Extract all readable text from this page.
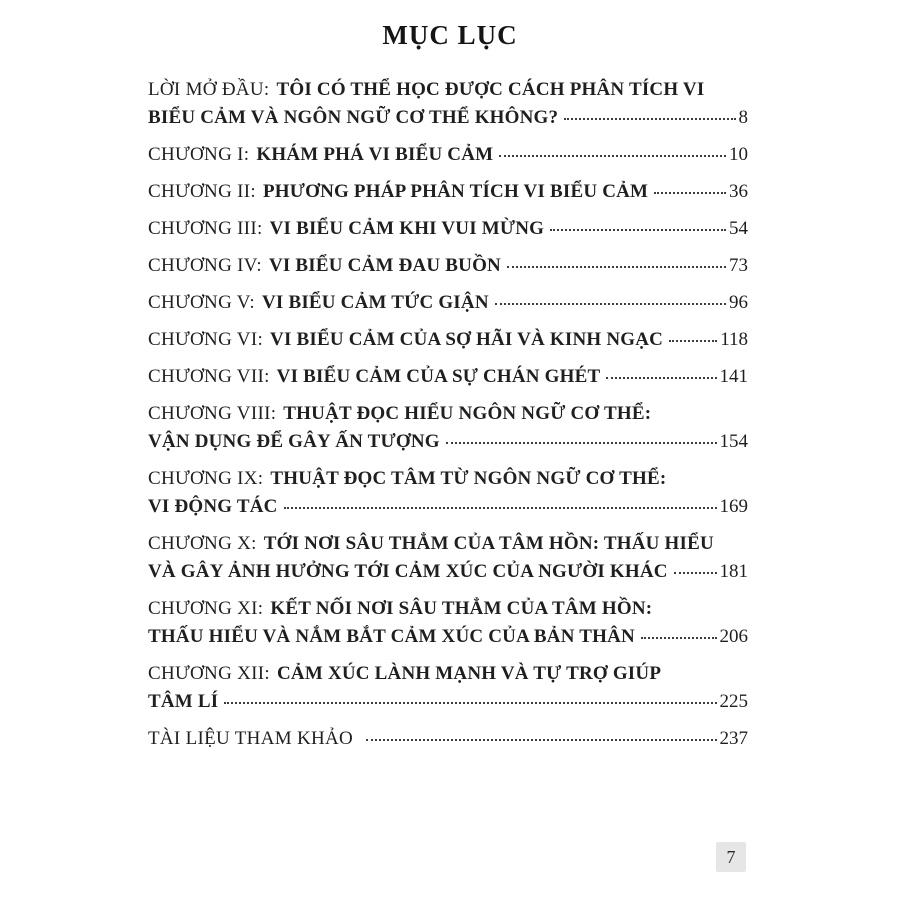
MỤC LỤC
LỜI MỞ ĐẦU: TÔI CÓ THỂ HỌC ĐƯỢC CÁCH PHÂN TÍCH VI
BIỂU CẢM VÀ NGÔN NGỮ CƠ THỂ KHÔNG?	8
CHƯƠNG I: KHÁM PHÁ VI BIỂU CẢM	10
CHƯƠNG II: PHƯƠNG PHÁP PHÂN TÍCH VI BIỂU CẢM	36
CHƯƠNG III: VI BIỂU CẢM KHI VUI MỪNG	54
CHƯƠNG IV: VI BIỂU CẢM ĐAU BUỒN	73
CHƯƠNG V: VI BIỂU CẢM TỨC GIẬN	96
CHƯƠNG VI: VI BIỂU CẢM CỦA SỢ HÃI VÀ KINH NGẠC	118
CHƯƠNG VII: VI BIỂU CẢM CỦA SỰ CHÁN GHÉT	141
CHƯƠNG VIII: THUẬT ĐỌC HIỂU NGÔN NGỮ CƠ THỂ:
VẬN DỤNG ĐỂ GÂY ẤN TƯỢNG	154
CHƯƠNG IX: THUẬT ĐỌC TÂM TỪ NGÔN NGỮ CƠ THỂ:
VI ĐỘNG TÁC	169
CHƯƠNG X: TỚI NƠI SÂU THẲM CỦA TÂM HỒN: THẤU HIỂU
VÀ GÂY ẢNH HƯỞNG TỚI CẢM XÚC CỦA NGƯỜI KHÁC	181
CHƯƠNG XI: KẾT NỐI NƠI SÂU THẲM CỦA TÂM HỒN:
THẤU HIỂU VÀ NẮM BẮT CẢM XÚC CỦA BẢN THÂN	206
CHƯƠNG XII: CẢM XÚC LÀNH MẠNH VÀ TỰ TRỢ GIÚP
TÂM LÍ	225
TÀI LIỆU THAM KHẢO	237
7
